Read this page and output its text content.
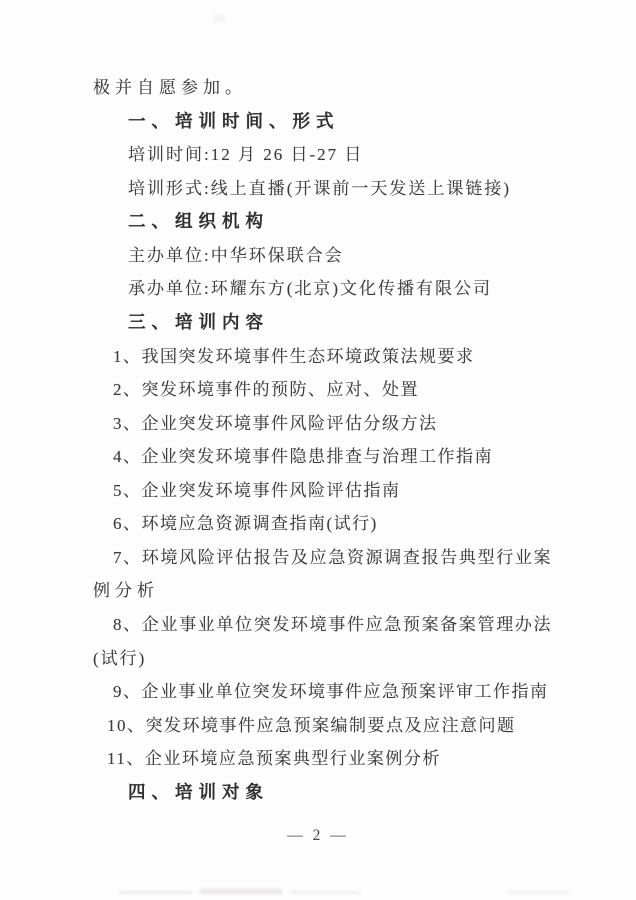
极并自愿参加。
一、培训时间、形式
培训时间:12 月 26 日-27 日
培训形式:线上直播(开课前一天发送上课链接)
二、组织机构
主办单位:中华环保联合会
承办单位:环耀东方(北京)文化传播有限公司
三、培训内容
1、我国突发环境事件生态环境政策法规要求
2、突发环境事件的预防、应对、处置
3、企业突发环境事件风险评估分级方法
4、企业突发环境事件隐患排查与治理工作指南
5、企业突发环境事件风险评估指南
6、环境应急资源调查指南(试行)
7、环境风险评估报告及应急资源调查报告典型行业案
例分析
8、企业事业单位突发环境事件应急预案备案管理办法
(试行)
9、企业事业单位突发环境事件应急预案评审工作指南
10、突发环境事件应急预案编制要点及应注意问题
11、企业环境应急预案典型行业案例分析
四、培训对象
— 2 —
